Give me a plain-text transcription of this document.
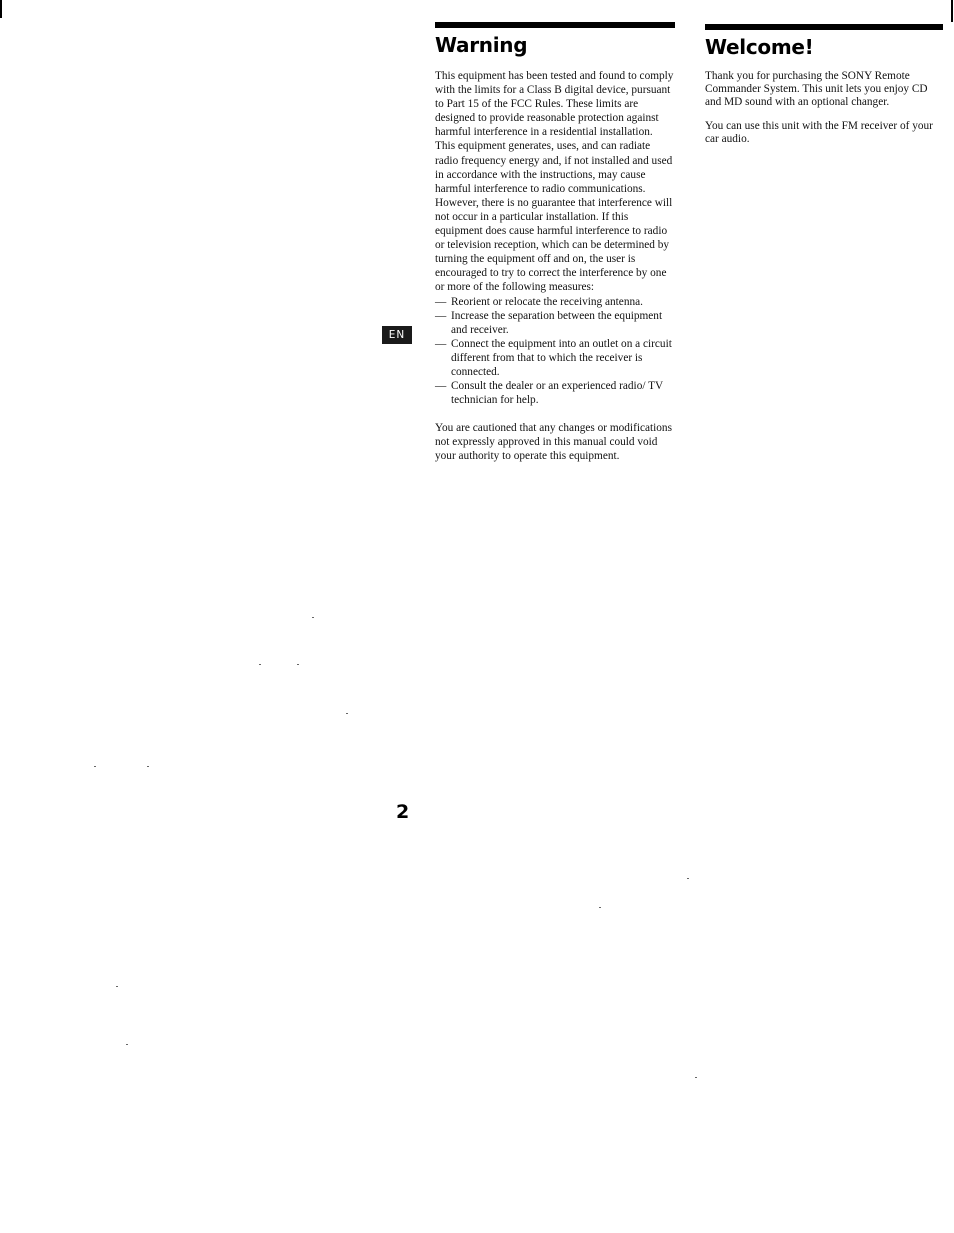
EN
Warning

This equipment has been tested and found to comply with the limits for a Class B digital device, pursuant to Part 15 of the FCC Rules. These limits are designed to provide reasonable protection against harmful interference in a residential installation. This equipment generates, uses, and can radiate radio frequency energy and, if not installed and used in accordance with the instructions, may cause harmful interference to radio communications. However, there is no guarantee that interference will not occur in a particular installation. If this equipment does cause harmful interference to radio or television reception, which can be determined by turning the equipment off and on, the user is encouraged to try to correct the interference by one or more of the following measures:

— Reorient or relocate the receiving antenna.
— Increase the separation between the equipment and receiver.
— Connect the equipment into an outlet on a circuit different from that to which the receiver is connected.
— Consult the dealer or an experienced radio/ TV technician for help.

You are cautioned that any changes or modifications not expressly approved in this manual could void your authority to operate this equipment.

Welcome!

Thank you for purchasing the SONY Remote Commander System. This unit lets you enjoy CD and MD sound with an optional changer.

You can use this unit with the FM receiver of your car audio.

2
